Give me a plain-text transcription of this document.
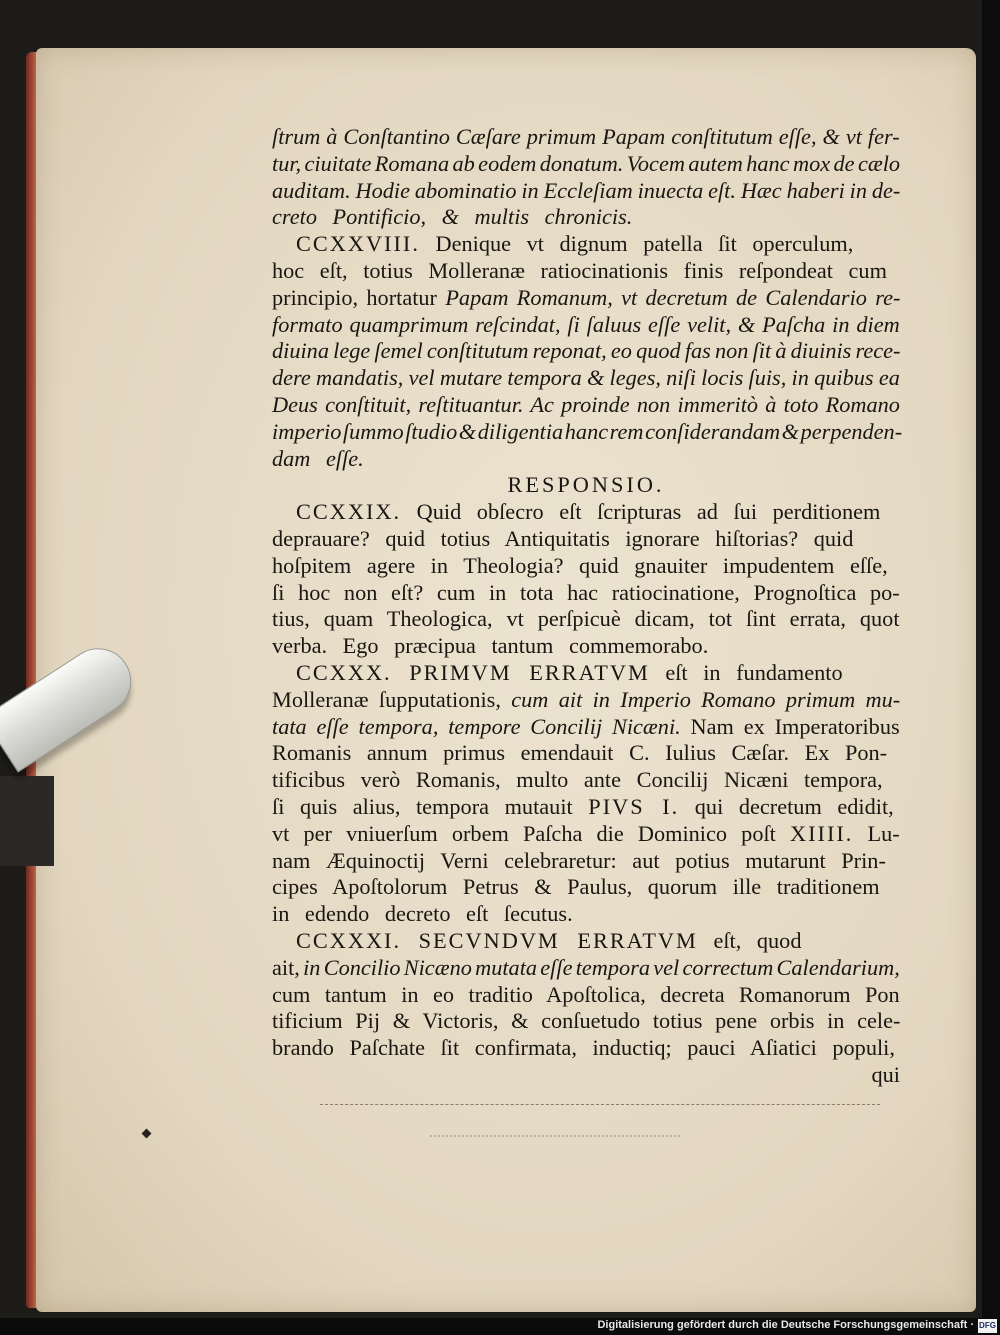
ſtrum à Conſtantino Cæſare primum Papam conſtitutum eſſe, & vt fer-
tur, ciuitate Romana ab eodem donatum. Vocem autem hanc mox de cælo
auditam. Hodie abominatio in Eccleſiam inuecta eſt. Hæc haberi in de-
creto Pontificio, & multis chronicis.
CCXXVIII. Denique vt dignum patella ſit operculum,
hoc eſt, totius Molleranæ ratiocinationis finis reſpondeat cum
principio, hortatur Papam Romanum, vt decretum de Calendario re-
formato quamprimum reſcindat, ſi ſaluus eſſe velit, & Paſcha in diem
diuina lege ſemel conſtitutum reponat, eo quod fas non ſit à diuinis rece-
dere mandatis, vel mutare tempora & leges, niſi locis ſuis, in quibus ea
Deus conſtituit, reſtituantur. Ac proinde non immeritò à toto Romano
imperio ſummo ſtudio & diligentia hanc rem conſiderandam & perpenden-
dam eſſe.
RESPONSIO.
CCXXIX. Quid obſecro eſt ſcripturas ad ſui perditionem
deprauare? quid totius Antiquitatis ignorare hiſtorias? quid
hoſpitem agere in Theologia? quid gnauiter impudentem eſſe,
ſi hoc non eſt? cum in tota hac ratiocinatione, Prognoſtica po-
tius, quam Theologica, vt perſpicuè dicam, tot ſint errata, quot
verba. Ego præcipua tantum commemorabo.
CCXXX. PRIMVM ERRATVM eſt in fundamento
Molleranæ ſupputationis, cum ait in Imperio Romano primum mu-
tata eſſe tempora, tempore Concilij Nicæni. Nam ex Imperatoribus
Romanis annum primus emendauit C. Iulius Cæſar. Ex Pon-
tificibus verò Romanis, multo ante Concilij Nicæni tempora,
ſi quis alius, tempora mutauit PIVS I. qui decretum edidit,
vt per vniuerſum orbem Paſcha die Dominico poſt XIIII. Lu-
nam Æquinoctij Verni celebraretur: aut potius mutarunt Prin-
cipes Apoſtolorum Petrus & Paulus, quorum ille traditionem
in edendo decreto eſt ſecutus.
CCXXXI. SECVNDVM ERRATVM eſt, quod
ait, in Concilio Nicæno mutata eſſe tempora vel correctum Calendarium,
cum tantum in eo traditio Apoſtolica, decreta Romanorum Pon
tificium Pij & Victoris, & conſuetudo totius pene orbis in cele-
brando Paſchate ſit confirmata, inductiq; pauci Aſiatici populi,
qui
Digitalisierung gefördert durch die Deutsche Forschungsgemeinschaft · DFG
